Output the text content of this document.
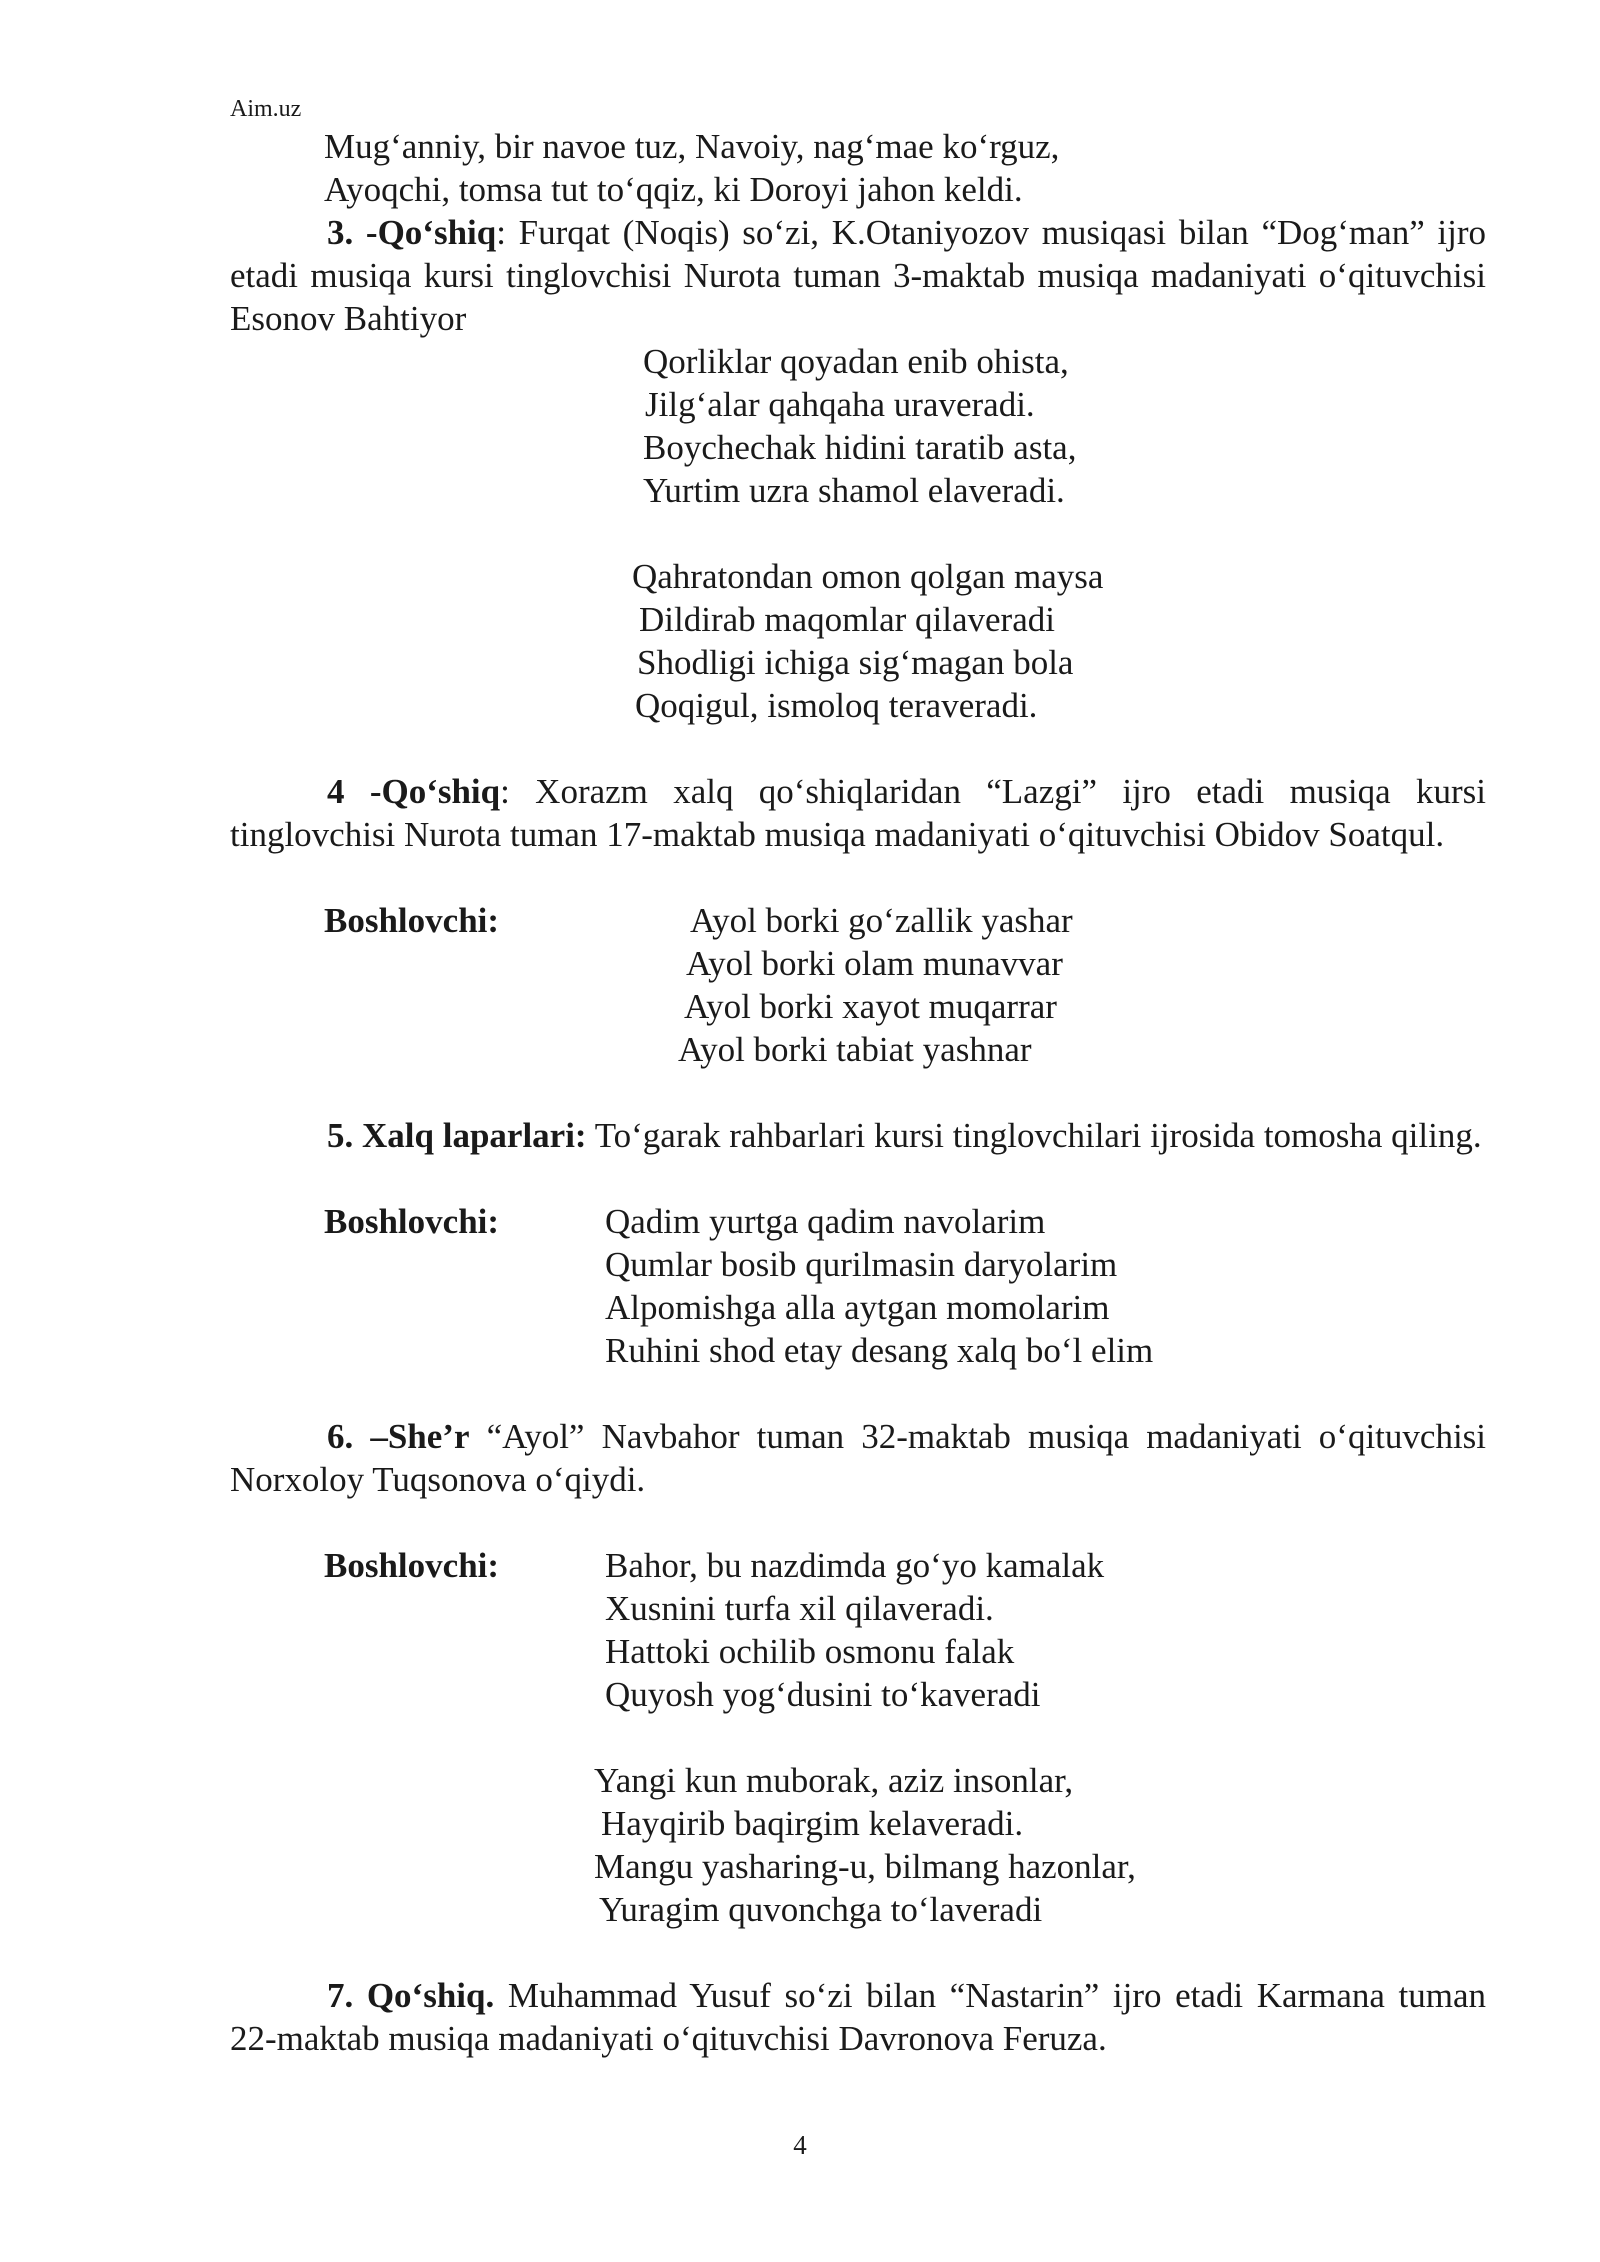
Aim.uz
Mug‘anniy, bir navoe tuz, Navoiy, nag‘mae ko‘rguz,
Ayoqchi, tomsa tut to‘qqiz, ki Doroyi jahon keldi.
3. -Qo‘shiq: Furqat (Noqis) so‘zi, K.Otaniyozov musiqasi bilan “Dog‘man” ijro etadi musiqa kursi tinglovchisi Nurota tuman 3-maktab musiqa madaniyati o‘qituvchisi Esonov Bahtiyor
Qorliklar qoyadan enib ohista,
Jilg‘alar qahqaha uraveradi.
Boychechak hidini taratib asta,
Yurtim uzra shamol elaveradi.
Qahratondan omon qolgan maysa
Dildirab maqomlar qilaveradi
Shodligi ichiga sig‘magan bola
Qoqigul, ismoloq teraveradi.
4 -Qo‘shiq: Xorazm xalq qo‘shiqlaridan “Lazgi” ijro etadi musiqa kursi tinglovchisi Nurota tuman 17-maktab musiqa madaniyati o‘qituvchisi Obidov Soatqul.
Boshlovchi:	Ayol borki go‘zallik yashar
Ayol borki olam munavvar
Ayol borki xayot muqarrar
Ayol borki tabiat yashnar
5. Xalq laparlari: To‘garak rahbarlari kursi tinglovchilari ijrosida tomosha qiling.
Boshlovchi:	Qadim yurtga qadim navolarim
Qumlar bosib qurilmasin daryolarim
Alpomishga alla aytgan momolarim
Ruhini shod etay desang xalq bo‘l elim
6. –She’r “Ayol” Navbahor tuman 32-maktab musiqa madaniyati o‘qituvchisi Norxoloy Tuqsonova o‘qiydi.
Boshlovchi:	Bahor, bu nazdimda go‘yo kamalak
Xusnini turfa xil qilaveradi.
Hattoki ochilib osmonu falak
Quyosh yog‘dusini to‘kaveradi
Yangi kun muborak, aziz insonlar,
Hayqirib baqirgim kelaveradi.
Mangu yasharing-u, bilmang hazonlar,
Yuragim quvonchga to‘laveradi
7. Qo‘shiq. Muhammad Yusuf so‘zi bilan “Nastarin” ijro etadi Karmana tuman 22-maktab musiqa madaniyati o‘qituvchisi Davronova Feruza.
4
